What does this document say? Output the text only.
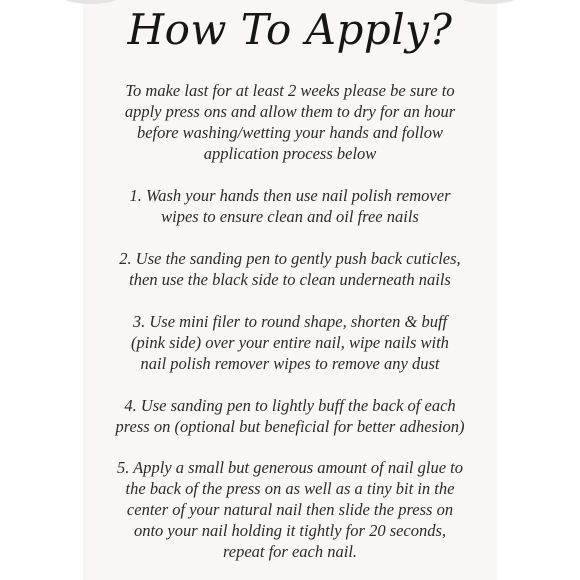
How To Apply?
To make last for at least 2 weeks please be sure to
apply press ons and allow them to dry for an hour
before washing/wetting your hands and follow
application process below
1. Wash your hands then use nail polish remover
wipes to ensure clean and oil free nails
2. Use the sanding pen to gently push back cuticles,
then use the black side to clean underneath nails
3. Use mini filer to round shape, shorten & buff
(pink side) over your entire nail, wipe nails with
nail polish remover wipes to remove any dust
4. Use sanding pen to lightly buff the back of each
press on (optional but beneficial for better adhesion)
5. Apply a small but generous amount of nail glue to
the back of the press on as well as a tiny bit in the
center of your natural nail then slide the press on
onto your nail holding it tightly for 20 seconds,
repeat for each nail.
